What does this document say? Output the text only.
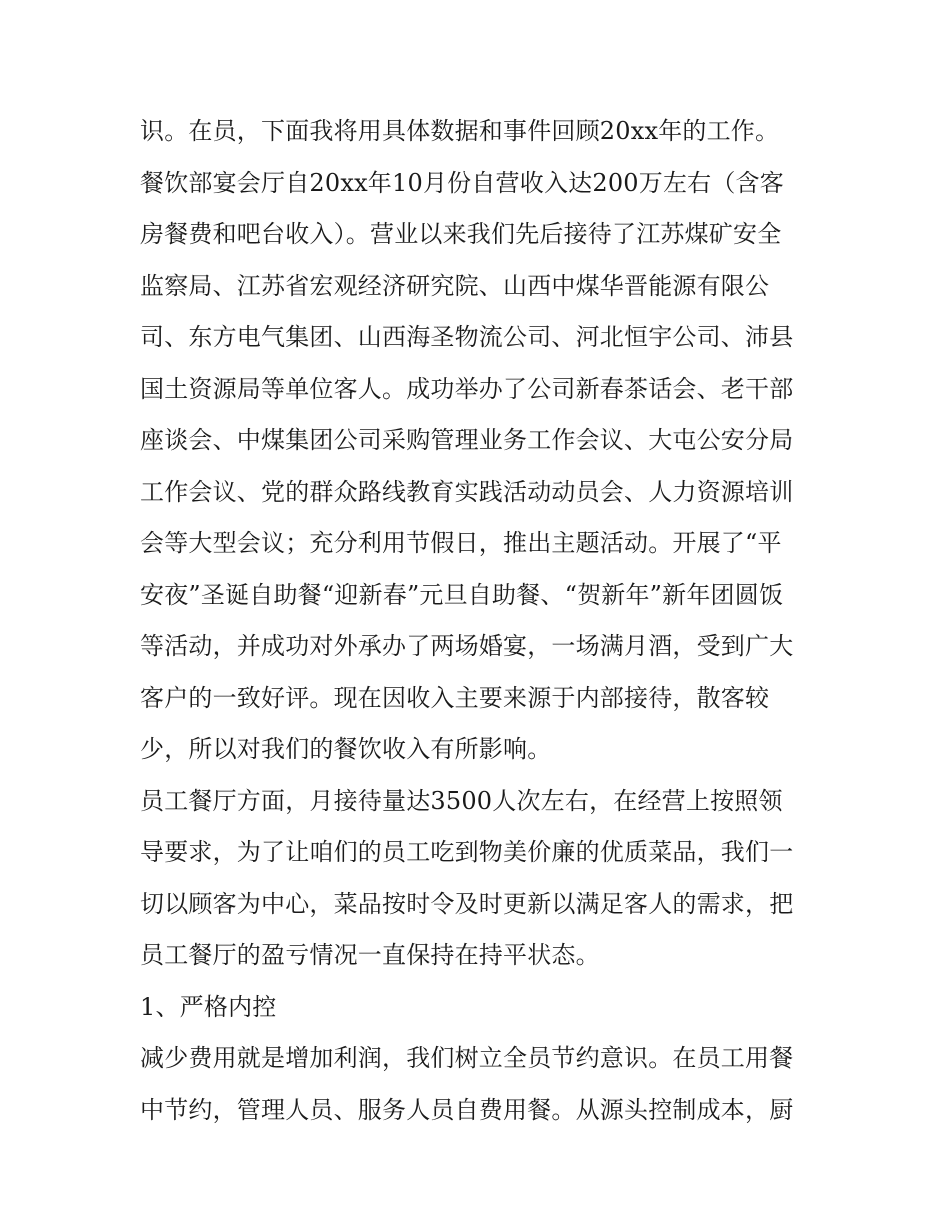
识。在员，下面我将用具体数据和事件回顾20xx年的工作。
餐饮部宴会厅自20xx年10月份自营收入达200万左右（含客
房餐费和吧台收入）。营业以来我们先后接待了江苏煤矿安全
监察局、江苏省宏观经济研究院、山西中煤华晋能源有限公
司、东方电气集团、山西海圣物流公司、河北恒宇公司、沛县
国土资源局等单位客人。成功举办了公司新春茶话会、老干部
座谈会、中煤集团公司采购管理业务工作会议、大屯公安分局
工作会议、党的群众路线教育实践活动动员会、人力资源培训
会等大型会议；充分利用节假日，推出主题活动。开展了“平
安夜”圣诞自助餐“迎新春”元旦自助餐、“贺新年”新年团圆饭
等活动，并成功对外承办了两场婚宴，一场满月酒，受到广大
客户的一致好评。现在因收入主要来源于内部接待，散客较
少，所以对我们的餐饮收入有所影响。
员工餐厅方面，月接待量达3500人次左右，在经营上按照领
导要求，为了让咱们的员工吃到物美价廉的优质菜品，我们一
切以顾客为中心，菜品按时令及时更新以满足客人的需求，把
员工餐厅的盈亏情况一直保持在持平状态。
1、严格内控
减少费用就是增加利润，我们树立全员节约意识。在员工用餐
中节约，管理人员、服务人员自费用餐。从源头控制成本，厨
